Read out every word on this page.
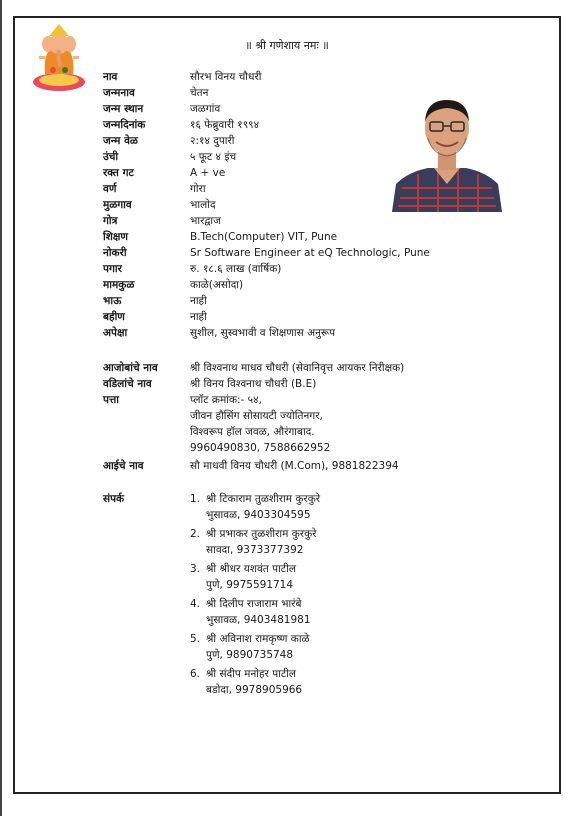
॥ श्री गणेशाय नमः ॥
नाव	सौरभ विनय चौधरी
जन्मनाव	चेतन
जन्म स्थान	जळगांव
जन्मदिनांक	१६ फेब्रुवारी १९९४
जन्म वेळ	२:१४ दुपारी
उंची	५ फूट ४ इंच
रक्त गट	A + ve
वर्ण	गोरा
मुळगाव	भालोद
गोत्र	भारद्वाज
शिक्षण	B.Tech(Computer) VIT, Pune
नोकरी	Sr Software Engineer at eQ Technologic, Pune
पगार	रु. १८.६ लाख (वार्षिक)
मामकुळ	काळे(असोदा)
भाऊ	नाही
बहीण	नाही
अपेक्षा	सुशील, सुस्वभावी व शिक्षणास अनुरूप
आजोबांचे नाव	श्री विश्वनाथ माधव चौधरी (सेवानिवृत्त आयकर निरीक्षक)
वडिलांचे नाव	श्री विनय विश्वनाथ चौधरी (B.E)
पत्ता	प्लॉट क्रमांक:- ५४,
जीवन हौसिंग सोसायटी ज्योतिनगर,
विश्वरूप हॉल जवळ, औरंगाबाद.
9960490830, 7588662952
आईचे नाव	सौ माधवी विनय चौधरी (M.Com), 9881822394
संपर्क	1. श्री टिकाराम तुळशीराम कुरकुरे
भुसावळ, 9403304595
2. श्री प्रभाकर तुळशीराम कुरकुरे
सावदा, 9373377392
3. श्री श्रीधर यशवंत पाटील
पुणे, 9975591714
4. श्री दिलीप राजाराम भारंबे
भुसावळ, 9403481981
5. श्री अविनाश रामकृष्ण काळे
पुणे, 9890735748
6. श्री संदीप मनोहर पाटील
बडोदा, 9978905966
